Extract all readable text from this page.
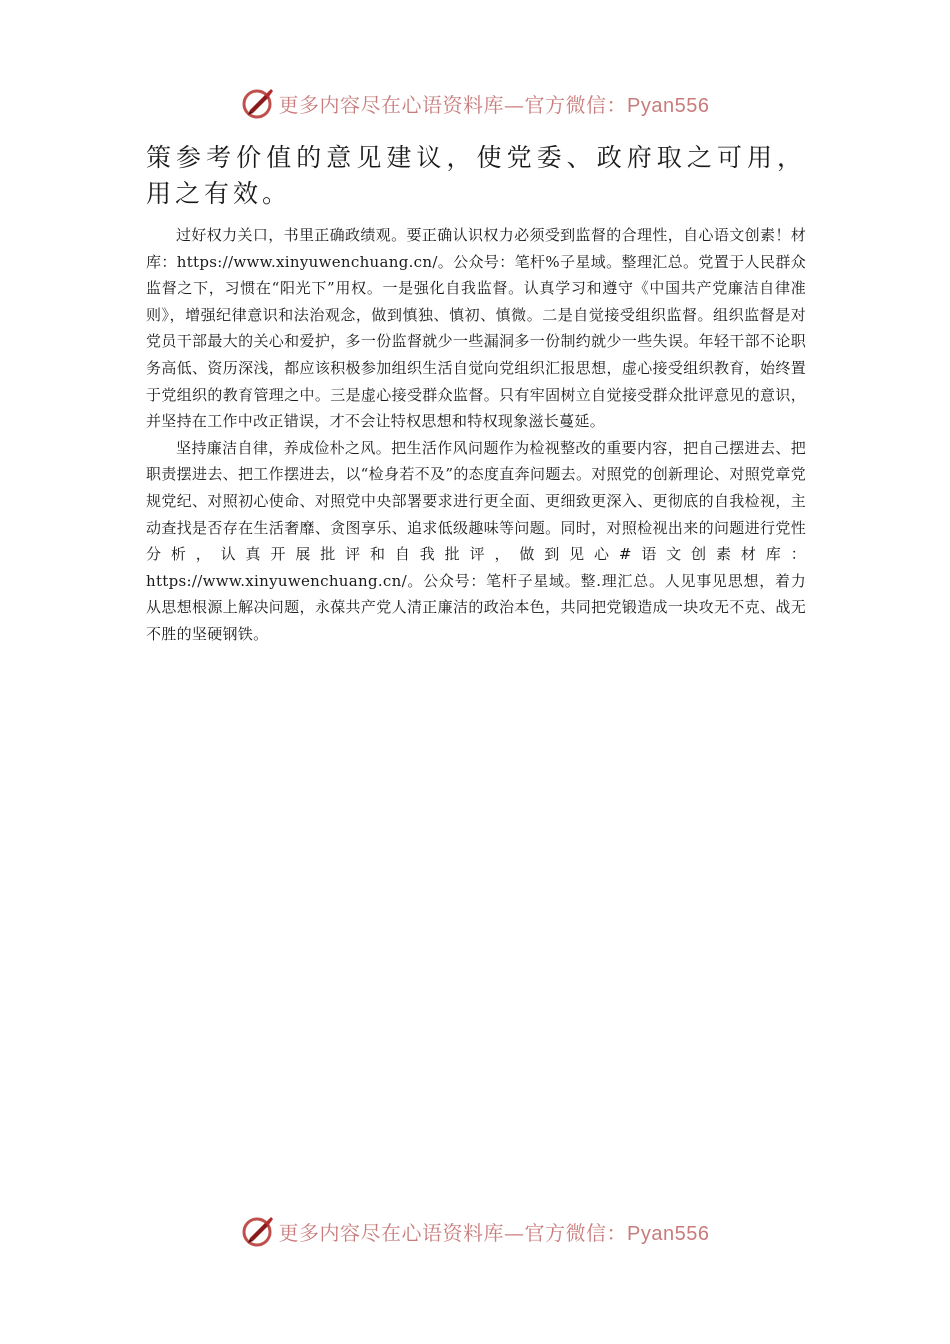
更多内容尽在心语资料库—官方微信：Pyan556

策参考价值的意见建议，使党委、政府取之可用，用之有效。

过好权力关口，书里正确政绩观。要正确认识权力必须受到监督的合理性，自心语文创素！材库：https://www.xinyuwenchuang.cn/。公众号：笔杆%子星域。整理汇总。党置于人民群众监督之下，习惯在“阳光下”用权。一是强化自我监督。认真学习和遵守《中国共产党廉洁自律准则》，增强纪律意识和法治观念，做到慎独、慎初、慎微。二是自觉接受组织监督。组织监督是对党员干部最大的关心和爱护，多一份监督就少一些漏洞多一份制约就少一些失误。年轻干部不论职务高低、资历深浅，都应该积极参加组织生活自觉向党组织汇报思想，虚心接受组织教育，始终置于党组织的教育管理之中。三是虚心接受群众监督。只有牢固树立自觉接受群众批评意见的意识，并坚持在工作中改正错误，才不会让特权思想和特权现象滋长蔓延。

坚持廉洁自律，养成俭朴之风。把生活作风问题作为检视整改的重要内容，把自己摆进去、把职责摆进去、把工作摆进去，以“检身若不及”的态度直奔问题去。对照党的创新理论、对照党章党规党纪、对照初心使命、对照党中央部署要求进行更全面、更细致更深入、更彻底的自我检视，主动查找是否存在生活奢靡、贪图享乐、追求低级趣味等问题。同时，对照检视出来的问题进行党性分析，认真开展批评和自我批评，做到见心#语文创素材库：https://www.xinyuwenchuang.cn/。公众号：笔杆子星域。整.理汇总。人见事见思想，着力从思想根源上解决问题，永葆共产党人清正廉洁的政治本色，共同把党锻造成一块攻无不克、战无不胜的坚硬钢铁。

更多内容尽在心语资料库—官方微信：Pyan556
